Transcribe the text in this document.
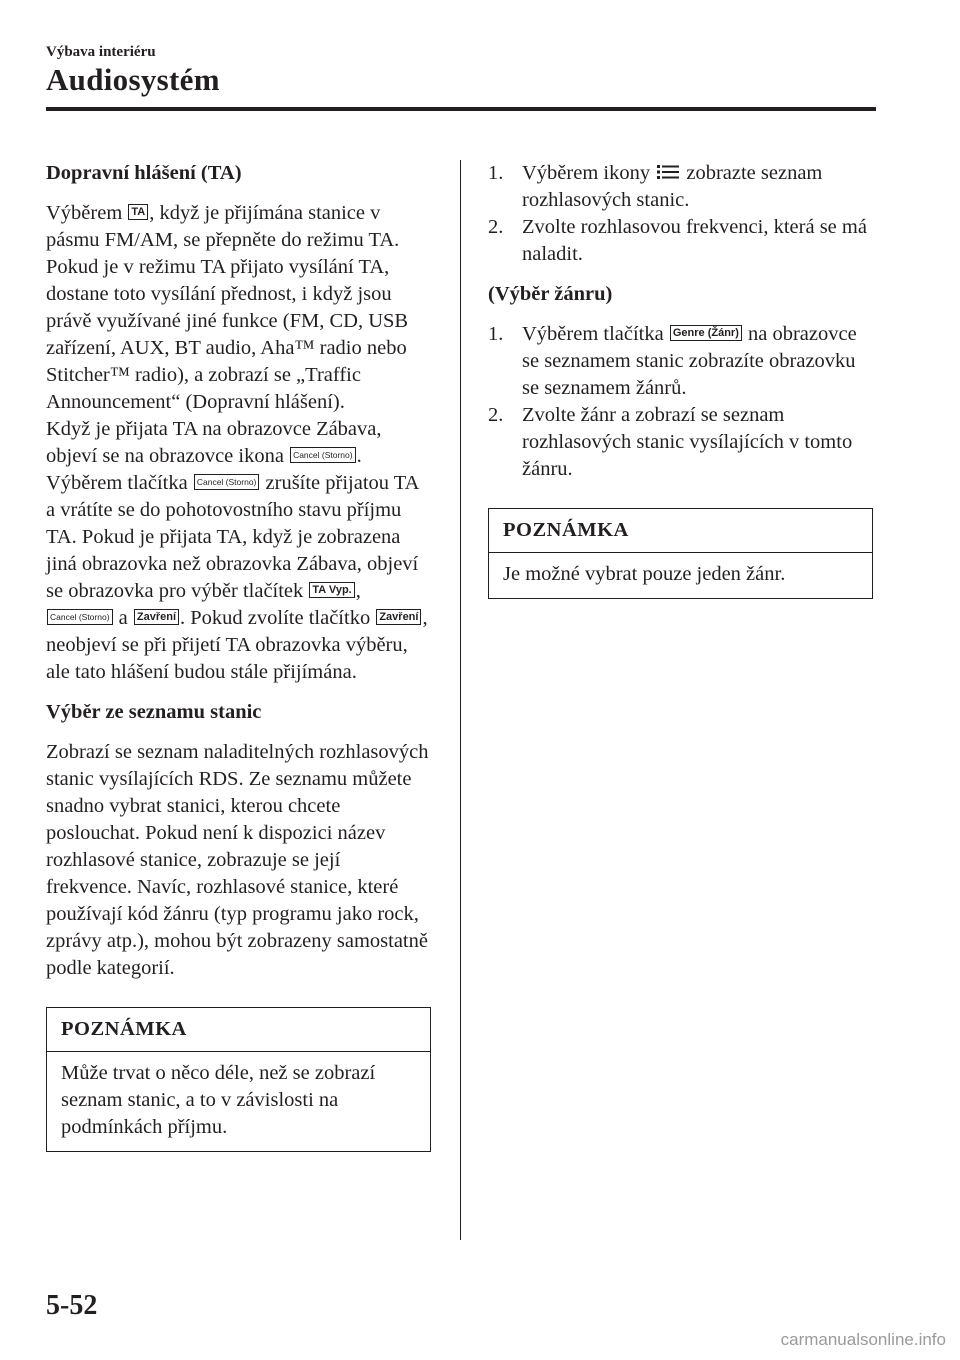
Výbava interiéru
Audiosystém

Dopravní hlášení (TA)

Výběrem TA , když je přijímána stanice v pásmu FM/AM, se přepněte do režimu TA.

Pokud je v režimu TA přijato vysílání TA, dostane toto vysílání přednost, i když jsou právě využívané jiné funkce (FM, CD, USB zařízení, AUX, BT audio, Aha™ radio nebo Stitcher™ radio), a zobrazí se „Traffic Announcement“ (Dopravní hlášení).

Když je přijata TA na obrazovce Zábava, objeví se na obrazovce ikona Cancel (Storno) .

Výběrem tlačítka Cancel (Storno) zrušíte přijatou TA a vrátíte se do pohotovostního stavu příjmu TA. Pokud je přijata TA, když je zobrazena jiná obrazovka než obrazovka Zábava, objeví se obrazovka pro výběr tlačítek TA Vyp. , Cancel (Storno) a Zavření . Pokud zvolíte tlačítko Zavření , neobjeví se při přijetí TA obrazovka výběru, ale tato hlášení budou stále přijímána.

Výběr ze seznamu stanic

Zobrazí se seznam naladitelných rozhlasových stanic vysílajících RDS. Ze seznamu můžete snadno vybrat stanici, kterou chcete poslouchat. Pokud není k dispozici název rozhlasové stanice, zobrazuje se její frekvence. Navíc, rozhlasové stanice, které používají kód žánru (typ programu jako rock, zprávy atp.), mohou být zobrazeny samostatně podle kategorií.

POZNÁMKA
Může trvat o něco déle, než se zobrazí seznam stanic, a to v závislosti na podmínkách příjmu.
1. Výběrem ikony  zobrazte seznam rozhlasových stanic.
2. Zvolte rozhlasovou frekvenci, která se má naladit.

(Výběr žánru)

1. Výběrem tlačítka Genre (Žánr) na obrazovce se seznamem stanic zobrazíte obrazovku se seznamem žánrů.
2. Zvolte žánr a zobrazí se seznam rozhlasových stanic vysílajících v tomto žánru.
POZNÁMKA
Je možné vybrat pouze jeden žánr.
5-52
carmanualsonline.info
